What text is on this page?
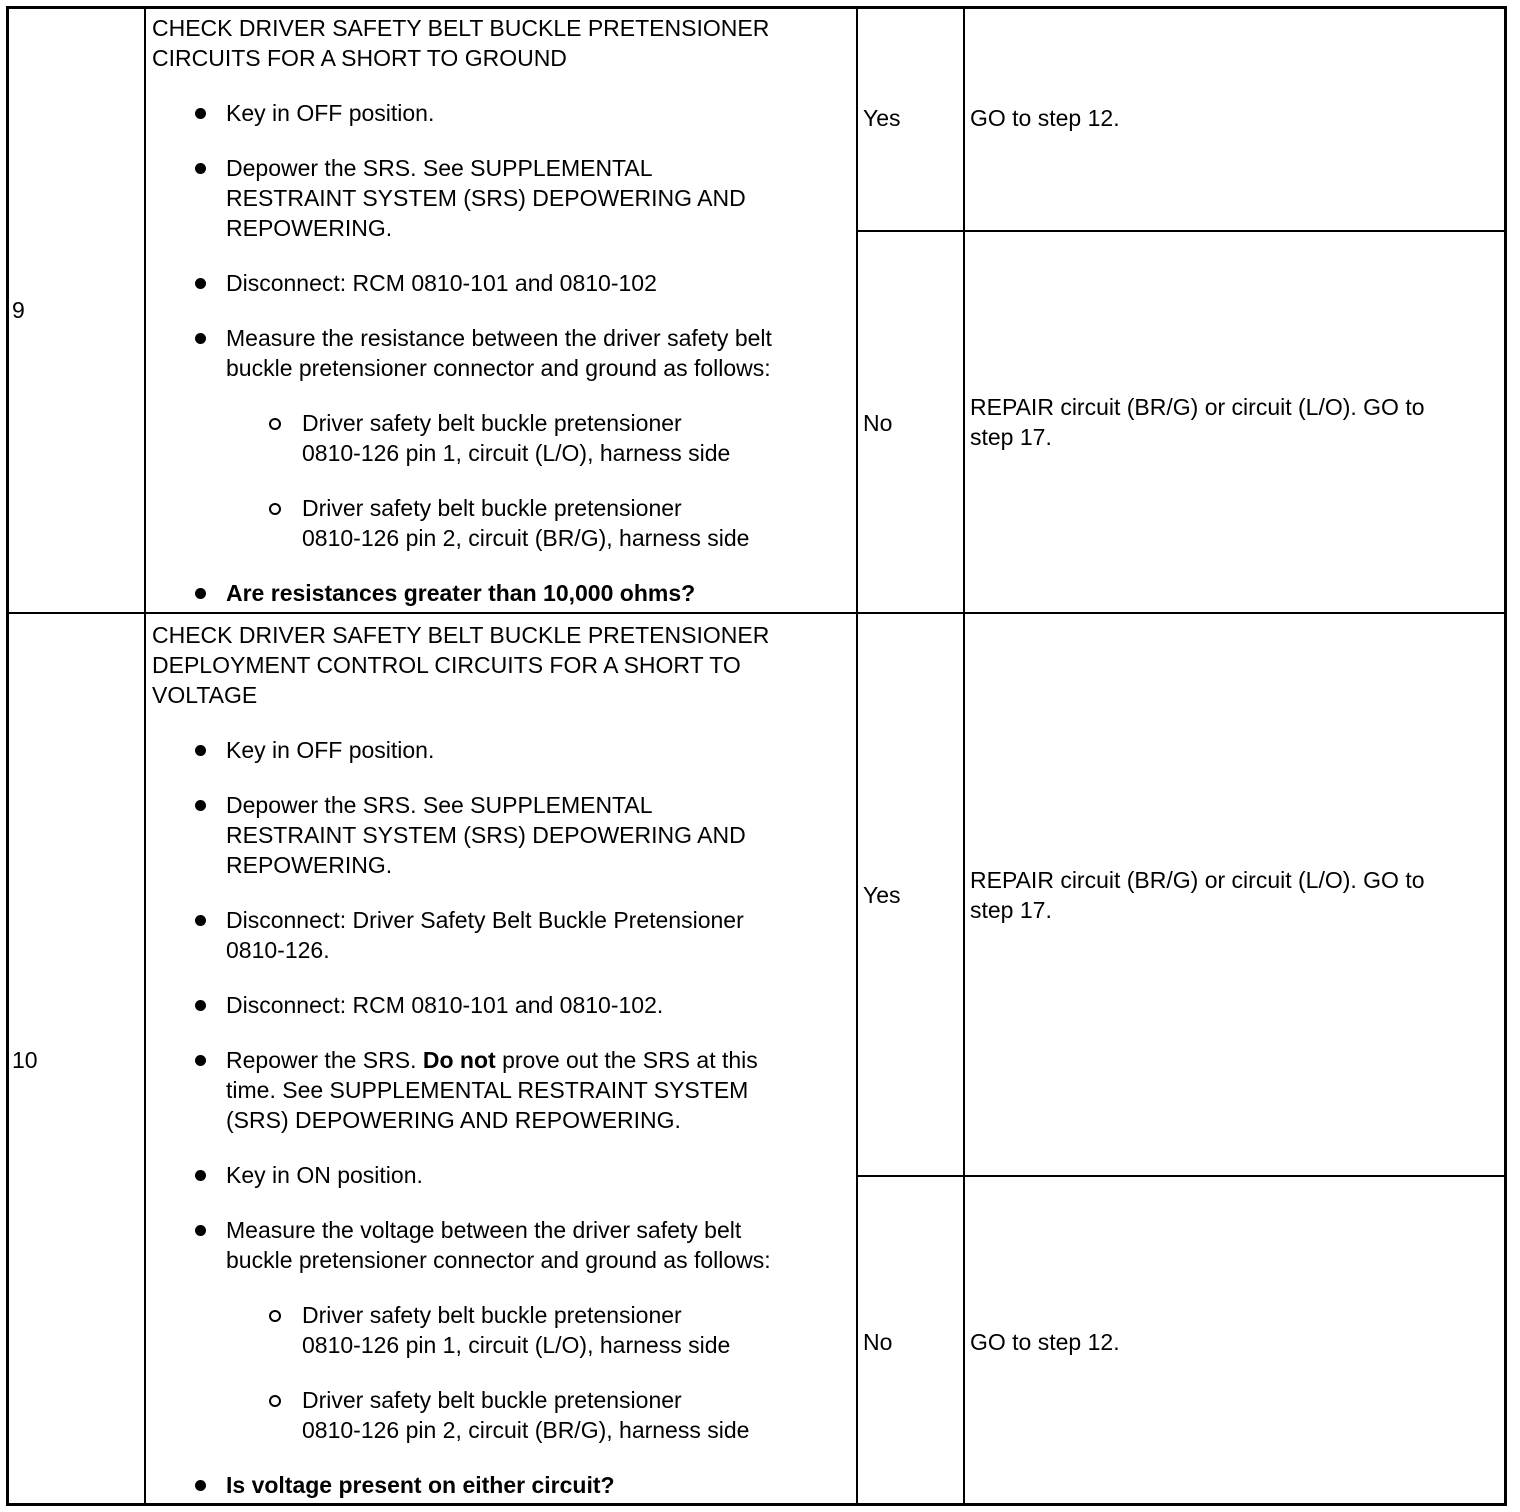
9
CHECK DRIVER SAFETY BELT BUCKLE PRETENSIONER
CIRCUITS FOR A SHORT TO GROUND
Key in OFF position.
Depower the SRS. See SUPPLEMENTAL
RESTRAINT SYSTEM (SRS) DEPOWERING AND
REPOWERING.
Disconnect: RCM 0810-101 and 0810-102
Measure the resistance between the driver safety belt
buckle pretensioner connector and ground as follows:
Driver safety belt buckle pretensioner
0810-126 pin 1, circuit (L/O), harness side
Driver safety belt buckle pretensioner
0810-126 pin 2, circuit (BR/G), harness side
Are resistances greater than 10,000 ohms?
Yes	GO to step 12.
No
REPAIR circuit (BR/G) or circuit (L/O). GO to
step 17.
10
CHECK DRIVER SAFETY BELT BUCKLE PRETENSIONER
DEPLOYMENT CONTROL CIRCUITS FOR A SHORT TO
VOLTAGE
Key in OFF position.
Depower the SRS. See SUPPLEMENTAL
RESTRAINT SYSTEM (SRS) DEPOWERING AND
REPOWERING.
Disconnect: Driver Safety Belt Buckle Pretensioner
0810-126.
Disconnect: RCM 0810-101 and 0810-102.
Repower the SRS. Do not prove out the SRS at this
time. See SUPPLEMENTAL RESTRAINT SYSTEM
(SRS) DEPOWERING AND REPOWERING.
Key in ON position.
Measure the voltage between the driver safety belt
buckle pretensioner connector and ground as follows:
Driver safety belt buckle pretensioner
0810-126 pin 1, circuit (L/O), harness side
Driver safety belt buckle pretensioner
0810-126 pin 2, circuit (BR/G), harness side
Is voltage present on either circuit?
Yes
REPAIR circuit (BR/G) or circuit (L/O). GO to
step 17.
No	GO to step 12.
